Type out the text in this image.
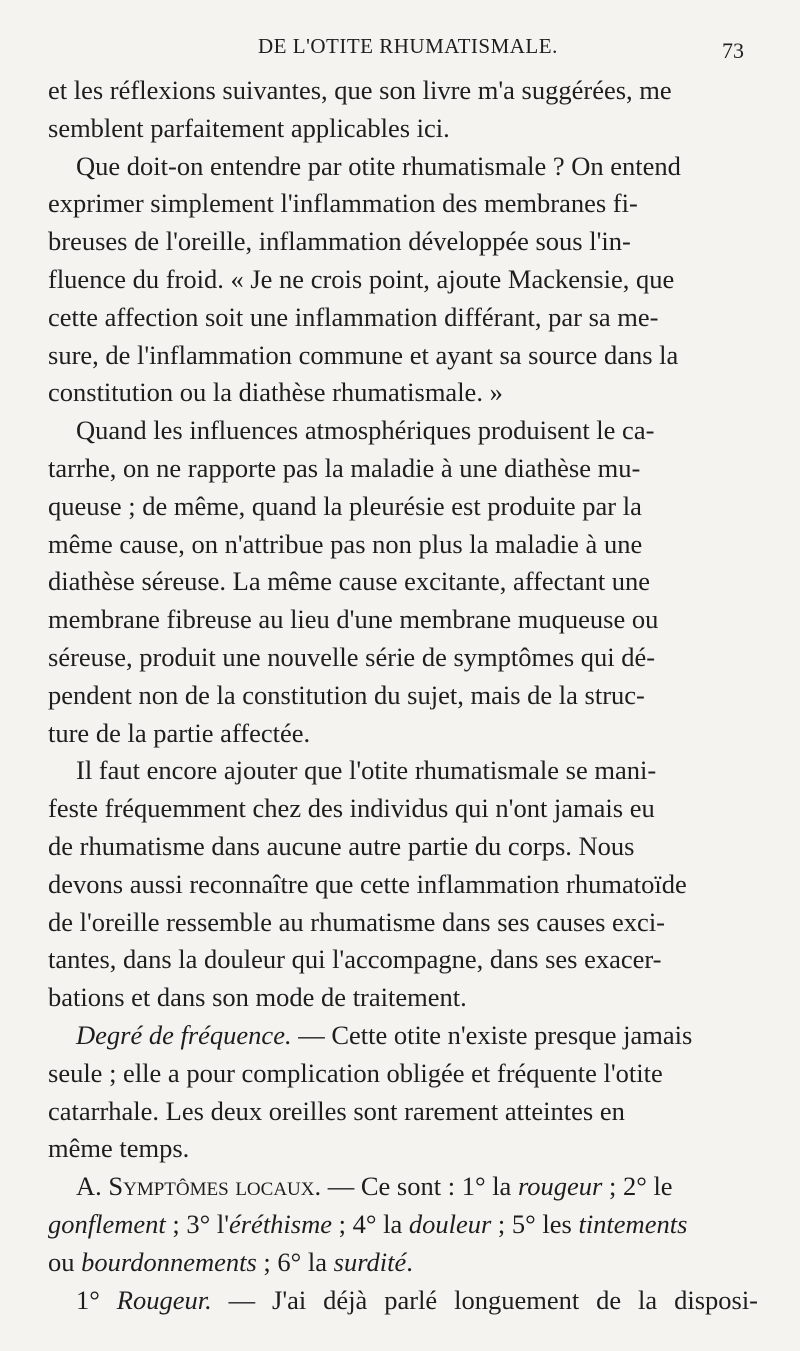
DE L'OTITE RHUMATISMALE.	73

et les réflexions suivantes, que son livre m'a suggérées, me
semblent parfaitement applicables ici.

Que doit-on entendre par otite rhumatismale ? On entend
exprimer simplement l'inflammation des membranes fi-
breuses de l'oreille, inflammation développée sous l'in-
fluence du froid. « Je ne crois point, ajoute Mackensie, que
cette affection soit une inflammation différant, par sa me-
sure, de l'inflammation commune et ayant sa source dans la
constitution ou la diathèse rhumatismale. »

Quand les influences atmosphériques produisent le ca-
tarrhe, on ne rapporte pas la maladie à une diathèse mu-
queuse ; de même, quand la pleurésie est produite par la
même cause, on n'attribue pas non plus la maladie à une
diathèse séreuse. La même cause excitante, affectant une
membrane fibreuse au lieu d'une membrane muqueuse ou
séreuse, produit une nouvelle série de symptômes qui dé-
pendent non de la constitution du sujet, mais de la struc-
ture de la partie affectée.

Il faut encore ajouter que l'otite rhumatismale se mani-
feste fréquemment chez des individus qui n'ont jamais eu
de rhumatisme dans aucune autre partie du corps. Nous
devons aussi reconnaître que cette inflammation rhumatoïde
de l'oreille ressemble au rhumatisme dans ses causes exci-
tantes, dans la douleur qui l'accompagne, dans ses exacer-
bations et dans son mode de traitement.

Degré de fréquence. — Cette otite n'existe presque jamais
seule ; elle a pour complication obligée et fréquente l'otite
catarrhale. Les deux oreilles sont rarement atteintes en
même temps.

A. Symptômes locaux. — Ce sont : 1° la rougeur ; 2° le
gonflement ; 3° l'éréthisme ; 4° la douleur ; 5° les tintements
ou bourdonnements ; 6° la surdité.

1° Rougeur. — J'ai déjà parlé longuement de la disposi-
